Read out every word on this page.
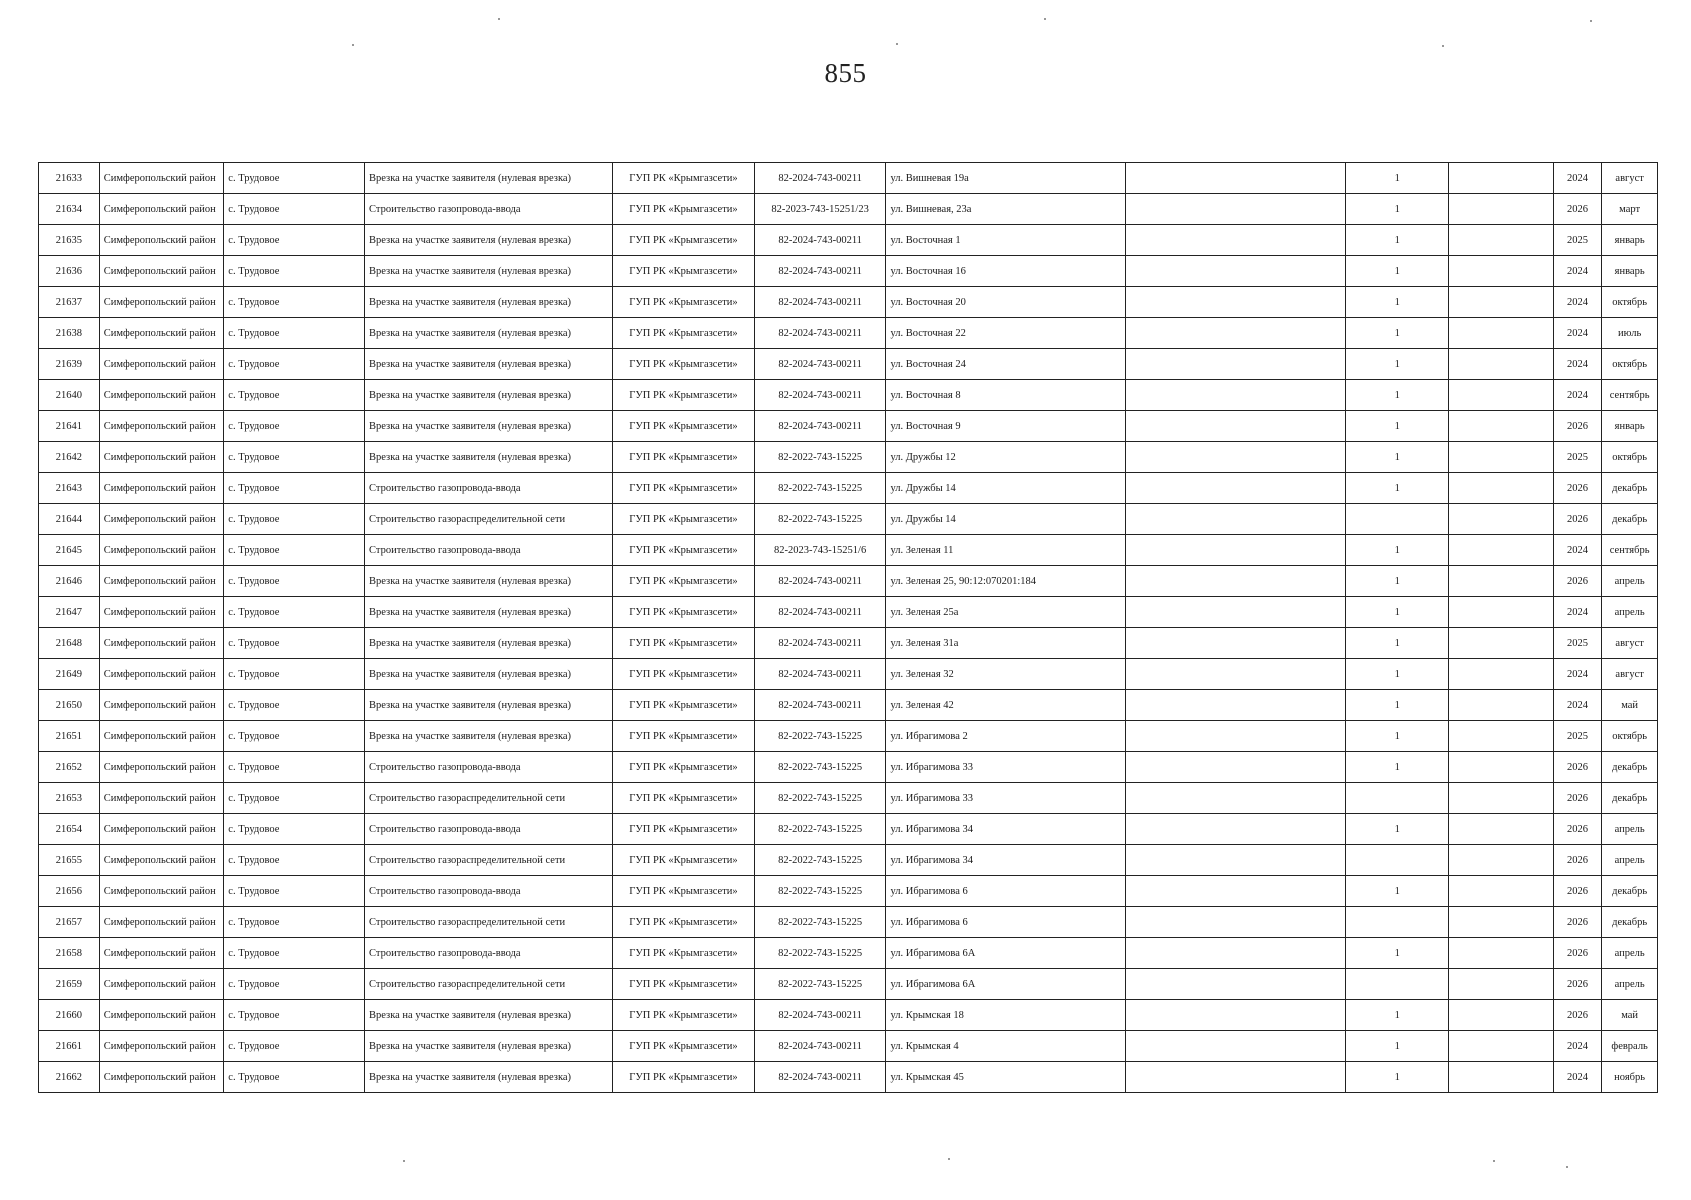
855
21633	Симферопольский район	с. Трудовое	Врезка на участке заявителя (нулевая врезка)	ГУП РК «Крымгазсети»	82-2024-743-00211	ул. Вишневая 19а		1		2024	август
21634	Симферопольский район	с. Трудовое	Строительство газопровода-ввода	ГУП РК «Крымгазсети»	82-2023-743-15251/23	ул. Вишневая, 23а		1		2026	март
21635	Симферопольский район	с. Трудовое	Врезка на участке заявителя (нулевая врезка)	ГУП РК «Крымгазсети»	82-2024-743-00211	ул. Восточная 1		1		2025	январь
21636	Симферопольский район	с. Трудовое	Врезка на участке заявителя (нулевая врезка)	ГУП РК «Крымгазсети»	82-2024-743-00211	ул. Восточная 16		1		2024	январь
21637	Симферопольский район	с. Трудовое	Врезка на участке заявителя (нулевая врезка)	ГУП РК «Крымгазсети»	82-2024-743-00211	ул. Восточная 20		1		2024	октябрь
21638	Симферопольский район	с. Трудовое	Врезка на участке заявителя (нулевая врезка)	ГУП РК «Крымгазсети»	82-2024-743-00211	ул. Восточная 22		1		2024	июль
21639	Симферопольский район	с. Трудовое	Врезка на участке заявителя (нулевая врезка)	ГУП РК «Крымгазсети»	82-2024-743-00211	ул. Восточная 24		1		2024	октябрь
21640	Симферопольский район	с. Трудовое	Врезка на участке заявителя (нулевая врезка)	ГУП РК «Крымгазсети»	82-2024-743-00211	ул. Восточная 8		1		2024	сентябрь
21641	Симферопольский район	с. Трудовое	Врезка на участке заявителя (нулевая врезка)	ГУП РК «Крымгазсети»	82-2024-743-00211	ул. Восточная 9		1		2026	январь
21642	Симферопольский район	с. Трудовое	Врезка на участке заявителя (нулевая врезка)	ГУП РК «Крымгазсети»	82-2022-743-15225	ул. Дружбы 12		1		2025	октябрь
21643	Симферопольский район	с. Трудовое	Строительство газопровода-ввода	ГУП РК «Крымгазсети»	82-2022-743-15225	ул. Дружбы 14		1		2026	декабрь
21644	Симферопольский район	с. Трудовое	Строительство газораспределительной сети	ГУП РК «Крымгазсети»	82-2022-743-15225	ул. Дружбы 14				2026	декабрь
21645	Симферопольский район	с. Трудовое	Строительство газопровода-ввода	ГУП РК «Крымгазсети»	82-2023-743-15251/6	ул. Зеленая 11		1		2024	сентябрь
21646	Симферопольский район	с. Трудовое	Врезка на участке заявителя (нулевая врезка)	ГУП РК «Крымгазсети»	82-2024-743-00211	ул. Зеленая 25, 90:12:070201:184		1		2026	апрель
21647	Симферопольский район	с. Трудовое	Врезка на участке заявителя (нулевая врезка)	ГУП РК «Крымгазсети»	82-2024-743-00211	ул. Зеленая 25а		1		2024	апрель
21648	Симферопольский район	с. Трудовое	Врезка на участке заявителя (нулевая врезка)	ГУП РК «Крымгазсети»	82-2024-743-00211	ул. Зеленая 31а		1		2025	август
21649	Симферопольский район	с. Трудовое	Врезка на участке заявителя (нулевая врезка)	ГУП РК «Крымгазсети»	82-2024-743-00211	ул. Зеленая 32		1		2024	август
21650	Симферопольский район	с. Трудовое	Врезка на участке заявителя (нулевая врезка)	ГУП РК «Крымгазсети»	82-2024-743-00211	ул. Зеленая 42		1		2024	май
21651	Симферопольский район	с. Трудовое	Врезка на участке заявителя (нулевая врезка)	ГУП РК «Крымгазсети»	82-2022-743-15225	ул. Ибрагимова 2		1		2025	октябрь
21652	Симферопольский район	с. Трудовое	Строительство газопровода-ввода	ГУП РК «Крымгазсети»	82-2022-743-15225	ул. Ибрагимова 33		1		2026	декабрь
21653	Симферопольский район	с. Трудовое	Строительство газораспределительной сети	ГУП РК «Крымгазсети»	82-2022-743-15225	ул. Ибрагимова 33				2026	декабрь
21654	Симферопольский район	с. Трудовое	Строительство газопровода-ввода	ГУП РК «Крымгазсети»	82-2022-743-15225	ул. Ибрагимова 34		1		2026	апрель
21655	Симферопольский район	с. Трудовое	Строительство газораспределительной сети	ГУП РК «Крымгазсети»	82-2022-743-15225	ул. Ибрагимова 34				2026	апрель
21656	Симферопольский район	с. Трудовое	Строительство газопровода-ввода	ГУП РК «Крымгазсети»	82-2022-743-15225	ул. Ибрагимова 6		1		2026	декабрь
21657	Симферопольский район	с. Трудовое	Строительство газораспределительной сети	ГУП РК «Крымгазсети»	82-2022-743-15225	ул. Ибрагимова 6				2026	декабрь
21658	Симферопольский район	с. Трудовое	Строительство газопровода-ввода	ГУП РК «Крымгазсети»	82-2022-743-15225	ул. Ибрагимова 6А		1		2026	апрель
21659	Симферопольский район	с. Трудовое	Строительство газораспределительной сети	ГУП РК «Крымгазсети»	82-2022-743-15225	ул. Ибрагимова 6А				2026	апрель
21660	Симферопольский район	с. Трудовое	Врезка на участке заявителя (нулевая врезка)	ГУП РК «Крымгазсети»	82-2024-743-00211	ул. Крымская 18		1		2026	май
21661	Симферопольский район	с. Трудовое	Врезка на участке заявителя (нулевая врезка)	ГУП РК «Крымгазсети»	82-2024-743-00211	ул. Крымская 4		1		2024	февраль
21662	Симферопольский район	с. Трудовое	Врезка на участке заявителя (нулевая врезка)	ГУП РК «Крымгазсети»	82-2024-743-00211	ул. Крымская 45		1		2024	ноябрь
